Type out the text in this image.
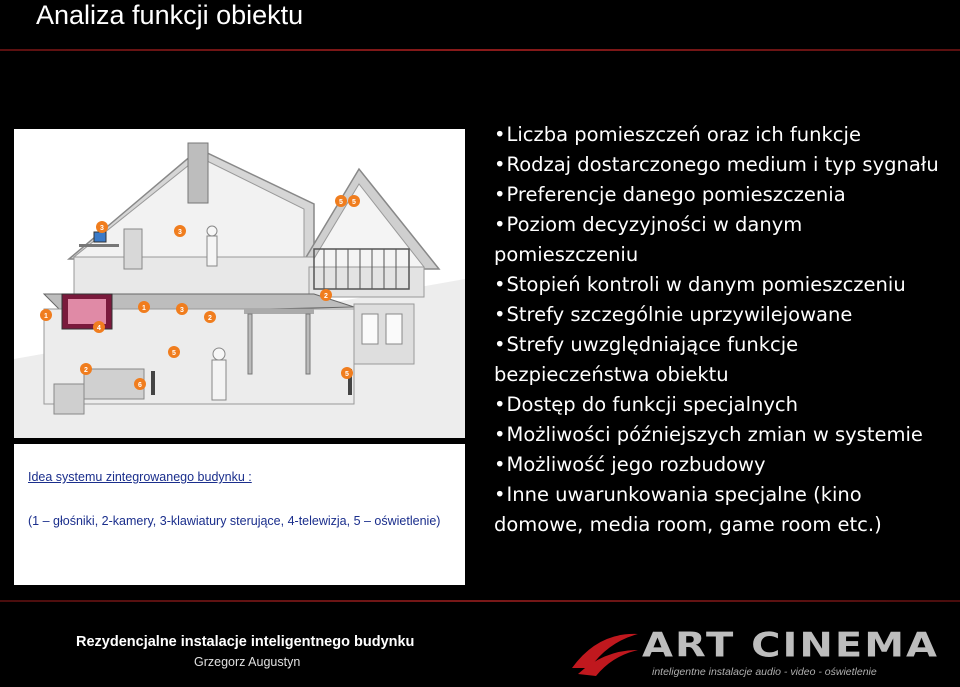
Analiza funkcji obiektu
1
4
3
3
1	3
2
5
2
6
2
5
5 5
Idea systemu zintegrowanego budynku :
(1 – głośniki, 2-kamery, 3-klawiatury sterujące, 4-telewizja, 5 – oświetlenie)
•Liczba pomieszczeń oraz ich funkcje
•Rodzaj dostarczonego medium i typ sygnału
•Preferencje danego pomieszczenia
•Poziom decyzyjności w danym pomieszczeniu
•Stopień kontroli w danym pomieszczeniu
•Strefy szczególnie uprzywilejowane
•Strefy uwzględniające funkcje bezpieczeństwa obiektu
•Dostęp do funkcji specjalnych
•Możliwości późniejszych zmian w systemie
•Możliwość jego rozbudowy
•Inne uwarunkowania specjalne (kino domowe, media room, game room etc.)
Rezydencjalne instalacje inteligentnego budynku
Grzegorz Augustyn	ART CINEMA
inteligentne instalacje audio - video - oświetlenie
